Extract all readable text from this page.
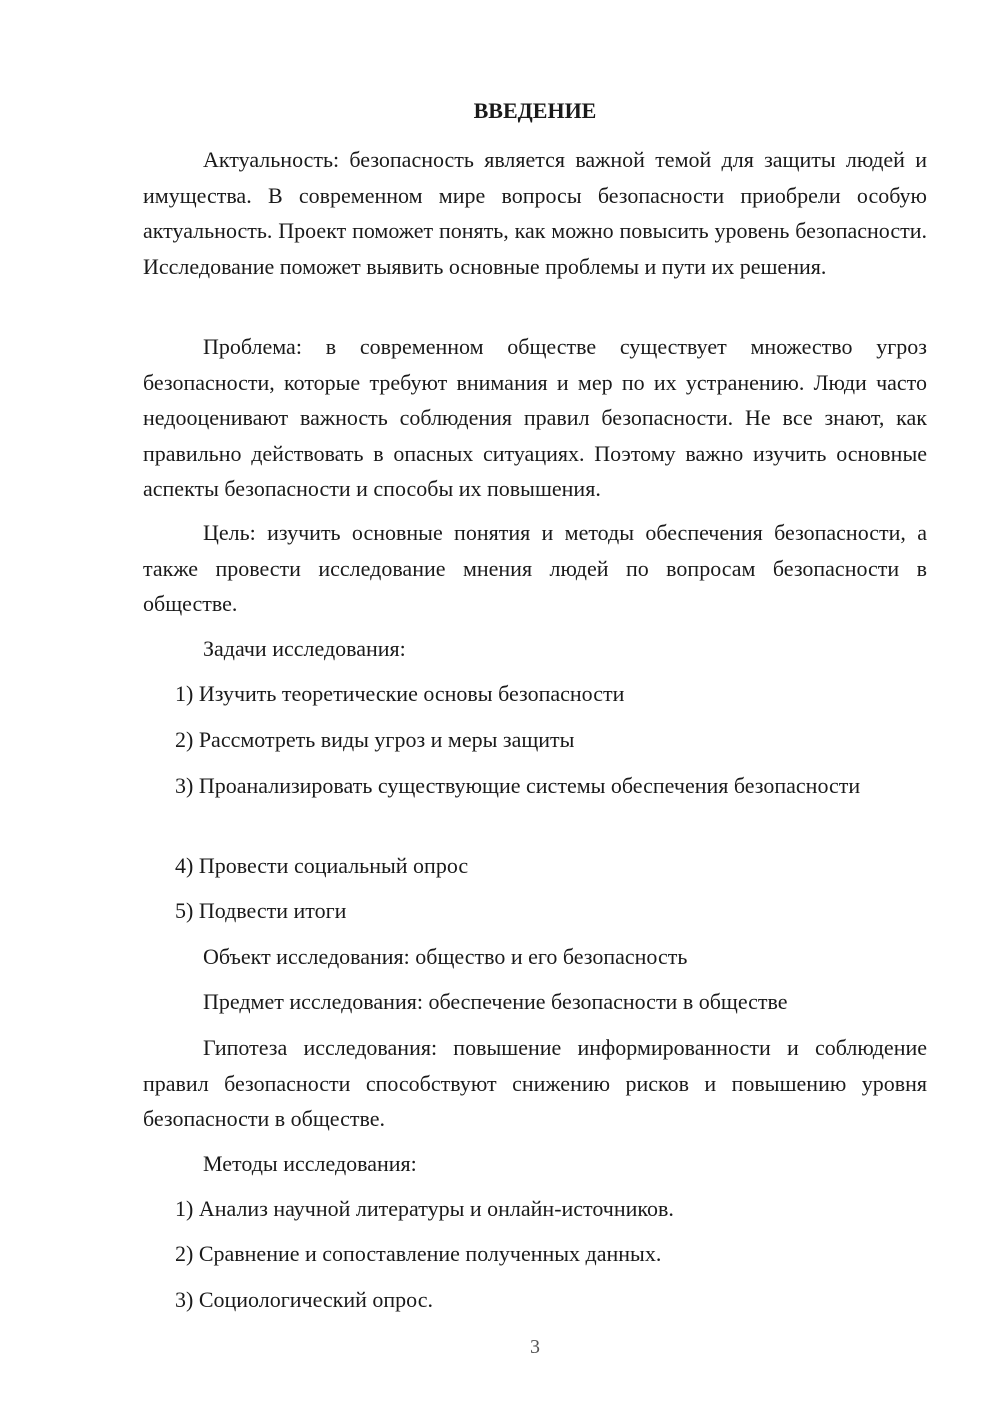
ВВЕДЕНИЕ
Актуальность: безопасность является важной темой для защиты людей и имущества. В современном мире вопросы безопасности приобрели особую актуальность. Проект поможет понять, как можно повысить уровень безопасности. Исследование поможет выявить основные проблемы и пути их решения.
Проблема: в современном обществе существует множество угроз безопасности, которые требуют внимания и мер по их устранению. Люди часто недооценивают важность соблюдения правил безопасности. Не все знают, как правильно действовать в опасных ситуациях. Поэтому важно изучить основные аспекты безопасности и способы их повышения.
Цель: изучить основные понятия и методы обеспечения безопасности, а также провести исследование мнения людей по вопросам безопасности в обществе.
Задачи исследования:
1) Изучить теоретические основы безопасности
2) Рассмотреть виды угроз и меры защиты
3) Проанализировать существующие системы обеспечения безопасности
4) Провести социальный опрос
5) Подвести итоги
Объект исследования: общество и его безопасность
Предмет исследования: обеспечение безопасности в обществе
Гипотеза исследования: повышение информированности и соблюдение правил безопасности способствуют снижению рисков и повышению уровня безопасности в обществе.
Методы исследования:
1) Анализ научной литературы и онлайн-источников.
2) Сравнение и сопоставление полученных данных.
3) Социологический опрос.
3
